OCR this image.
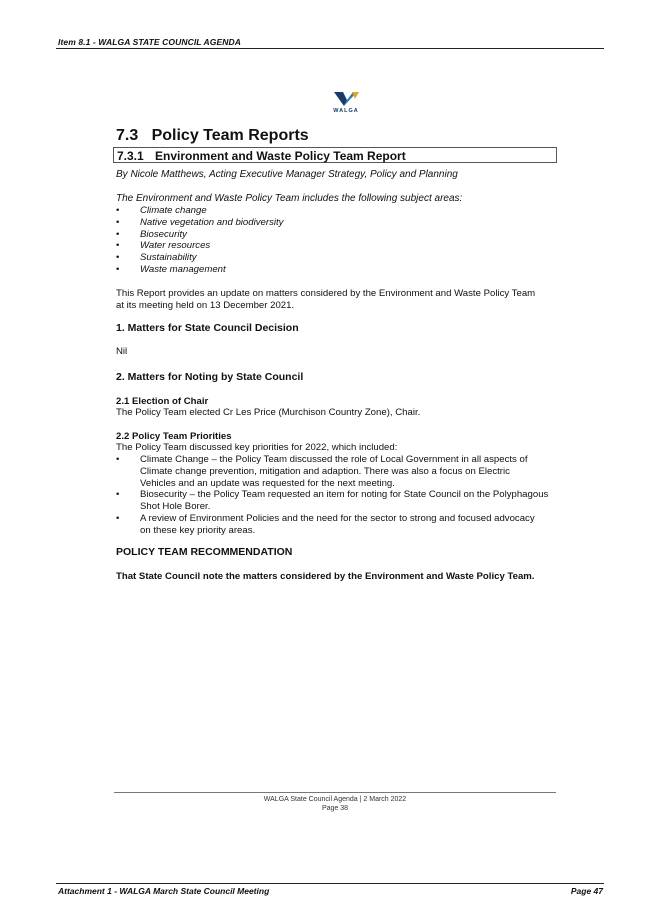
Item 8.1 - WALGA STATE COUNCIL AGENDA
WALGA
7.3 Policy Team Reports
7.3.1 Environment and Waste Policy Team Report
By Nicole Matthews, Acting Executive Manager Strategy, Policy and Planning
The Environment and Waste Policy Team includes the following subject areas:
• Climate change
• Native vegetation and biodiversity
• Biosecurity
• Water resources
• Sustainability
• Waste management
This Report provides an update on matters considered by the Environment and Waste Policy Team
at its meeting held on 13 December 2021.
1. Matters for State Council Decision
Nil
2. Matters for Noting by State Council
2.1 Election of Chair
The Policy Team elected Cr Les Price (Murchison Country Zone), Chair.
2.2 Policy Team Priorities
The Policy Team discussed key priorities for 2022, which included:
• Climate Change – the Policy Team discussed the role of Local Government in all aspects of
Climate change prevention, mitigation and adaption. There was also a focus on Electric
Vehicles and an update was requested for the next meeting.
• Biosecurity – the Policy Team requested an item for noting for State Council on the Polyphagous
Shot Hole Borer.
• A review of Environment Policies and the need for the sector to strong and focused advocacy
on these key priority areas.
POLICY TEAM RECOMMENDATION
That State Council note the matters considered by the Environment and Waste Policy Team.
WALGA State Council Agenda | 2 March 2022
Page 38
Attachment 1 - WALGA March State Council Meeting	Page 47
